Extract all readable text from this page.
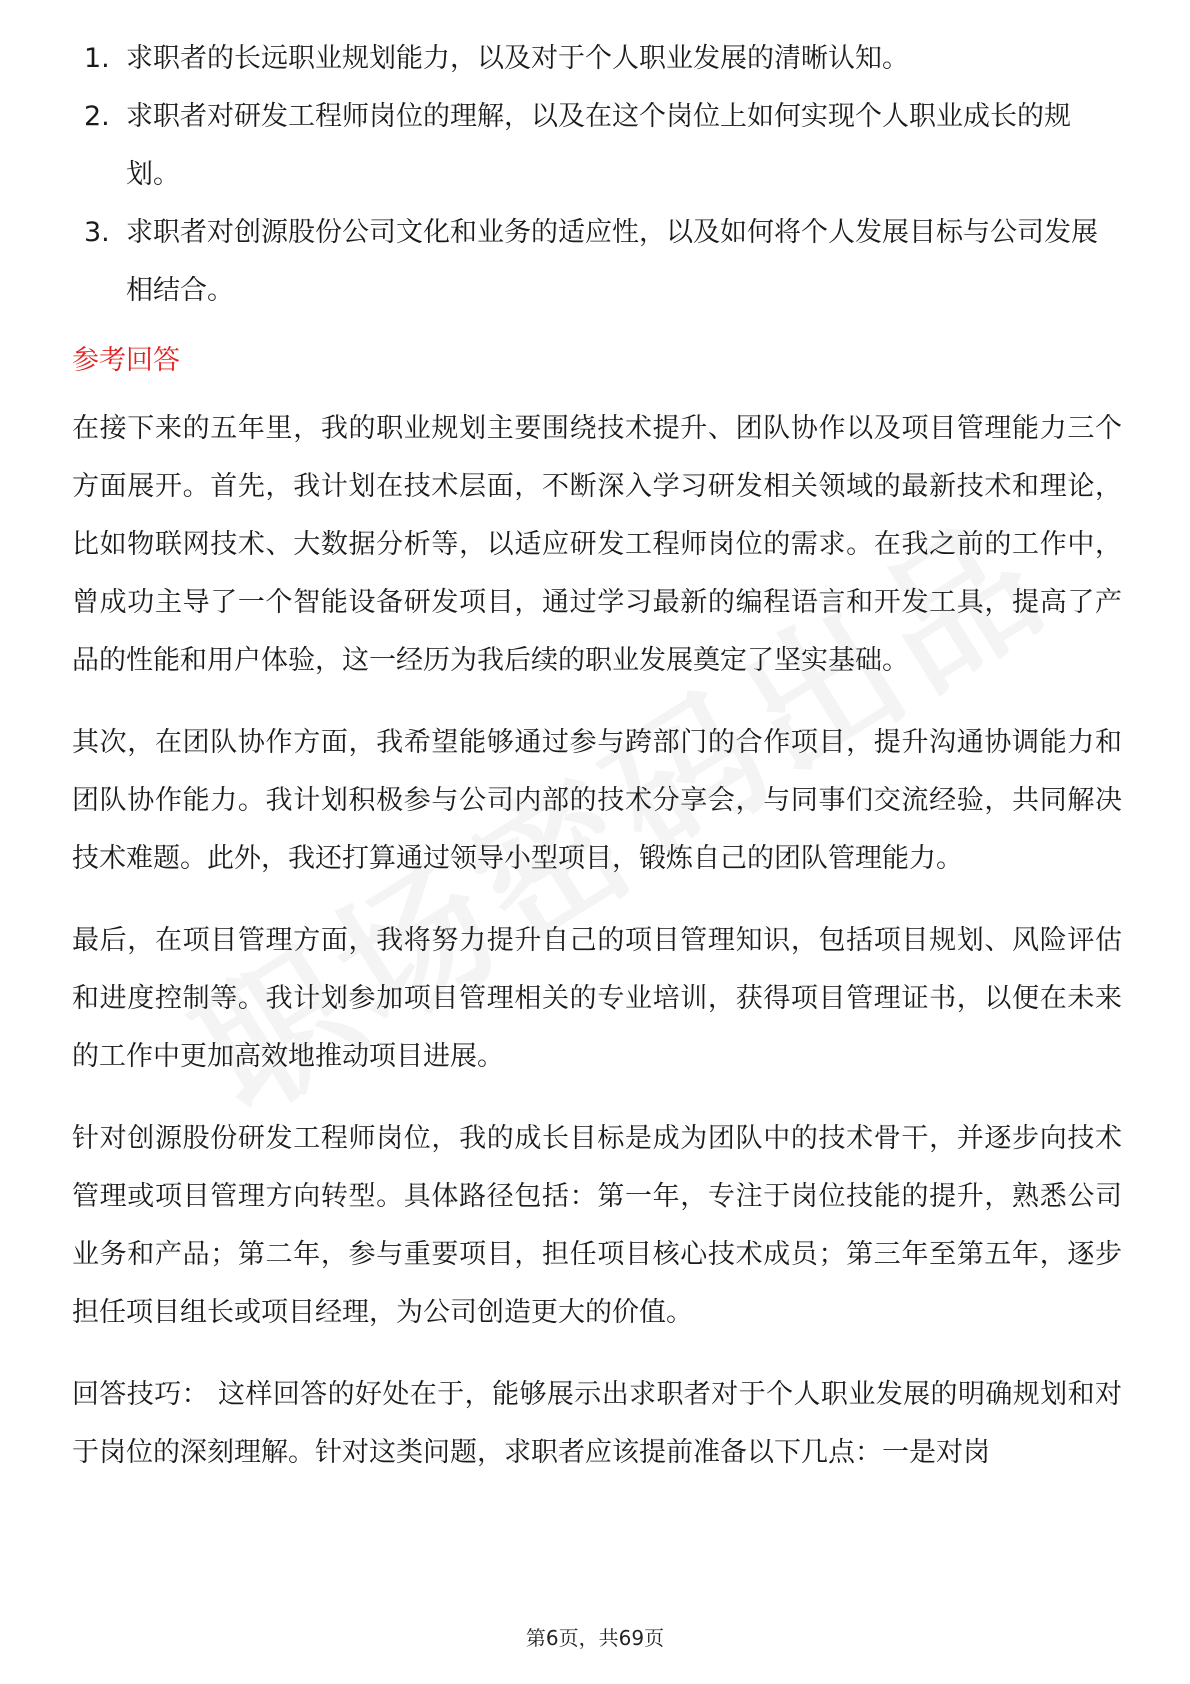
1. 求职者的长远职业规划能力，以及对于个人职业发展的清晰认知。
2. 求职者对研发工程师岗位的理解，以及在这个岗位上如何实现个人职业成长的规划。
3. 求职者对创源股份公司文化和业务的适应性，以及如何将个人发展目标与公司发展相结合。
参考回答

在接下来的五年里，我的职业规划主要围绕技术提升、团队协作以及项目管理能力三个方面展开。首先，我计划在技术层面，不断深入学习研发相关领域的最新技术和理论，比如物联网技术、大数据分析等，以适应研发工程师岗位的需求。在我之前的工作中，曾成功主导了一个智能设备研发项目，通过学习最新的编程语言和开发工具，提高了产品的性能和用户体验，这一经历为我后续的职业发展奠定了坚实基础。

其次，在团队协作方面，我希望能够通过参与跨部门的合作项目，提升沟通协调能力和团队协作能力。我计划积极参与公司内部的技术分享会，与同事们交流经验，共同解决技术难题。此外，我还打算通过领导小型项目，锻炼自己的团队管理能力。

最后，在项目管理方面，我将努力提升自己的项目管理知识，包括项目规划、风险评估和进度控制等。我计划参加项目管理相关的专业培训，获得项目管理证书，以便在未来的工作中更加高效地推动项目进展。

针对创源股份研发工程师岗位，我的成长目标是成为团队中的技术骨干，并逐步向技术管理或项目管理方向转型。具体路径包括：第一年，专注于岗位技能的提升，熟悉公司业务和产品；第二年，参与重要项目，担任项目核心技术成员；第三年至第五年，逐步担任项目组长或项目经理，为公司创造更大的价值。

回答技巧： 这样回答的好处在于，能够展示出求职者对于个人职业发展的明确规划和对于岗位的深刻理解。针对这类问题，求职者应该提前准备以下几点：一是对岗

第6页，共69页
